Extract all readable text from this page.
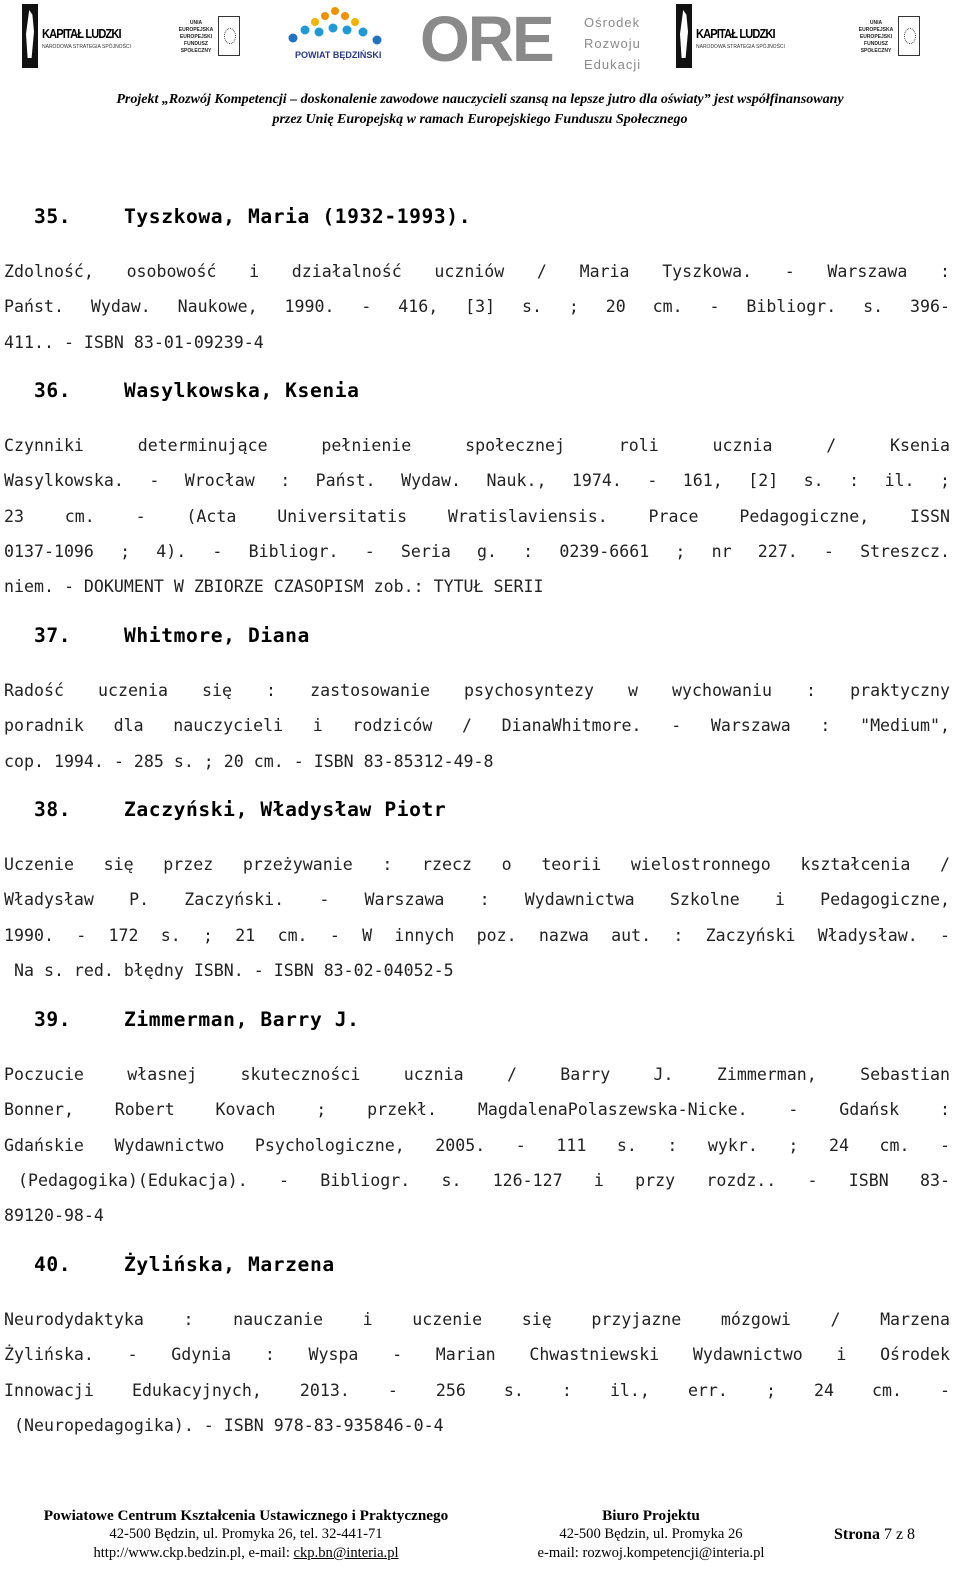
KAPITAŁ LUDZKI
NARODOWA STRATEGIA SPÓJNOŚCI
UNIA EUROPEJSKA EUROPEJSKI FUNDUSZ SPOŁECZNY	POWIAT BĘDZIŃSKI ORE Ośrodek
Rozwoju
Edukacji
KAPITAŁ LUDZKI
NARODOWA STRATEGIA SPÓJNOŚCI
UNIA EUROPEJSKA EUROPEJSKI FUNDUSZ SPOŁECZNY
Projekt „Rozwój Kompetencji – doskonalenie zawodowe nauczycieli szansą na lepsze jutro dla oświaty” jest współfinansowany
przez Unię Europejską w ramach Europejskiego Funduszu Społecznego
35.	Tyszkowa, Maria (1932-1993).
Zdolność, osobowość i działalność uczniów / Maria Tyszkowa. - Warszawa :
Państ. Wydaw. Naukowe, 1990. - 416, [3] s. ; 20 cm. - Bibliogr. s. 396-
411.. - ISBN 83-01-09239-4
36.	Wasylkowska, Ksenia
Czynniki determinujące pełnienie społecznej roli ucznia / Ksenia
Wasylkowska. - Wrocław : Państ. Wydaw. Nauk., 1974. - 161, [2] s. : il. ;
23 cm. - (Acta Universitatis Wratislaviensis. Prace Pedagogiczne, ISSN
0137-1096 ; 4). - Bibliogr. - Seria g. : 0239-6661 ; nr 227. - Streszcz.
niem. - DOKUMENT W ZBIORZE CZASOPISM zob.: TYTUŁ SERII
37.	Whitmore, Diana
Radość uczenia się : zastosowanie psychosyntezy w wychowaniu : praktyczny
poradnik dla nauczycieli i rodziców / DianaWhitmore. - Warszawa : "Medium",
cop. 1994. - 285 s. ; 20 cm. - ISBN 83-85312-49-8
38.	Zaczyński, Władysław Piotr
Uczenie się przez przeżywanie : rzecz o teorii wielostronnego kształcenia /
Władysław P. Zaczyński. - Warszawa : Wydawnictwa Szkolne i Pedagogiczne,
1990. - 172 s. ; 21 cm. - W innych poz. nazwa aut. : Zaczyński Władysław. -
Na s. red. błędny ISBN. - ISBN 83-02-04052-5
39.	Zimmerman, Barry J.
Poczucie własnej skuteczności ucznia / Barry J. Zimmerman, Sebastian
Bonner, Robert Kovach ; przekł. MagdalenaPolaszewska-Nicke. - Gdańsk :
Gdańskie Wydawnictwo Psychologiczne, 2005. - 111 s. : wykr. ; 24 cm. -
(Pedagogika)(Edukacja). - Bibliogr. s. 126-127 i przy rozdz.. - ISBN 83-
89120-98-4
40.	Żylińska, Marzena
Neurodydaktyka : nauczanie i uczenie się przyjazne mózgowi / Marzena
Żylińska. - Gdynia : Wyspa - Marian Chwastniewski Wydawnictwo i Ośrodek
Innowacji Edukacyjnych, 2013. - 256 s. : il., err. ; 24 cm. -
(Neuropedagogika). - ISBN 978-83-935846-0-4
Powiatowe Centrum Kształcenia Ustawicznego i Praktycznego
42-500 Będzin, ul. Promyka 26, tel. 32-441-71
http://www.ckp.bedzin.pl, e-mail: ckp.bn@interia.pl
Biuro Projektu
42-500 Będzin, ul. Promyka 26
e-mail: rozwoj.kompetencji@interia.pl
Strona 7 z 8
